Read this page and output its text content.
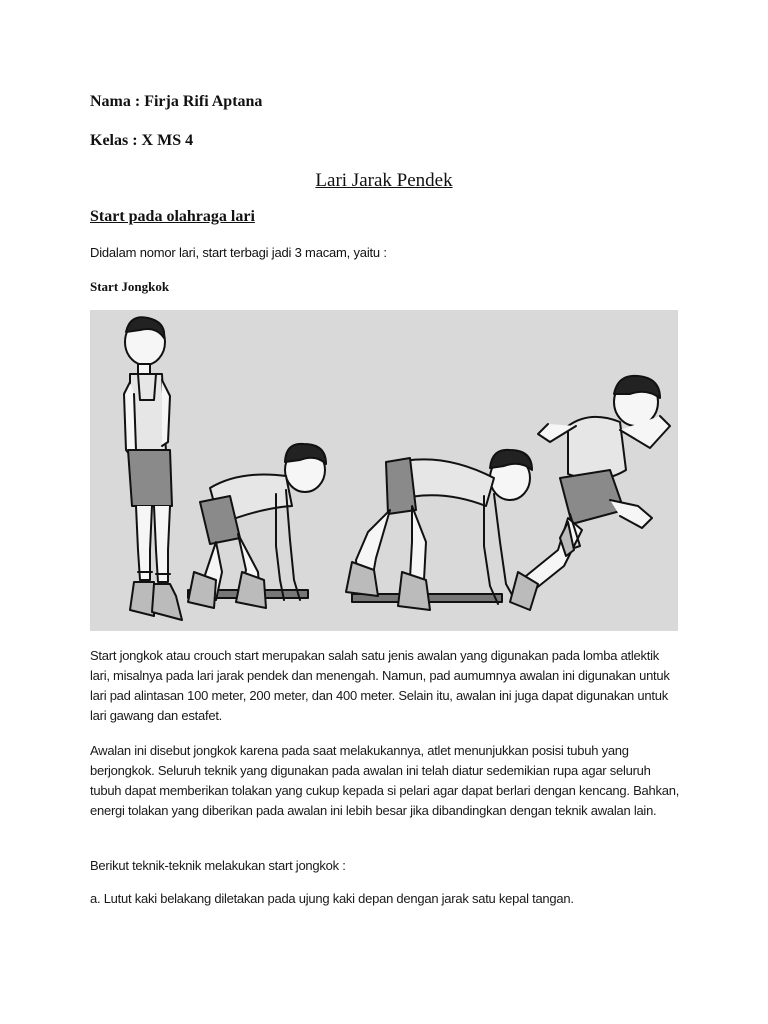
Nama : Firja Rifi Aptana
Kelas : X MS 4
Lari Jarak Pendek
Start pada olahraga lari
Didalam nomor lari, start terbagi jadi 3 macam, yaitu :
Start Jongkok

Start jongkok atau crouch start merupakan salah satu jenis awalan yang digunakan pada lomba atlektik lari, misalnya pada lari jarak pendek dan menengah. Namun, pad aumumnya awalan ini digunakan untuk lari pad alintasan 100 meter, 200 meter, dan 400 meter. Selain itu, awalan ini juga dapat digunakan untuk lari gawang dan estafet.

Awalan ini disebut jongkok karena pada saat melakukannya, atlet menunjukkan posisi tubuh yang berjongkok. Seluruh teknik yang digunakan pada awalan ini telah diatur sedemikian rupa agar seluruh tubuh dapat memberikan tolakan yang cukup kepada si pelari agar dapat berlari dengan kencang. Bahkan, energi tolakan yang diberikan pada awalan ini lebih besar jika dibandingkan dengan teknik awalan lain.

Berikut teknik-teknik melakukan start jongkok :

a. Lutut kaki belakang diletakan pada ujung kaki depan dengan jarak satu kepal tangan.
